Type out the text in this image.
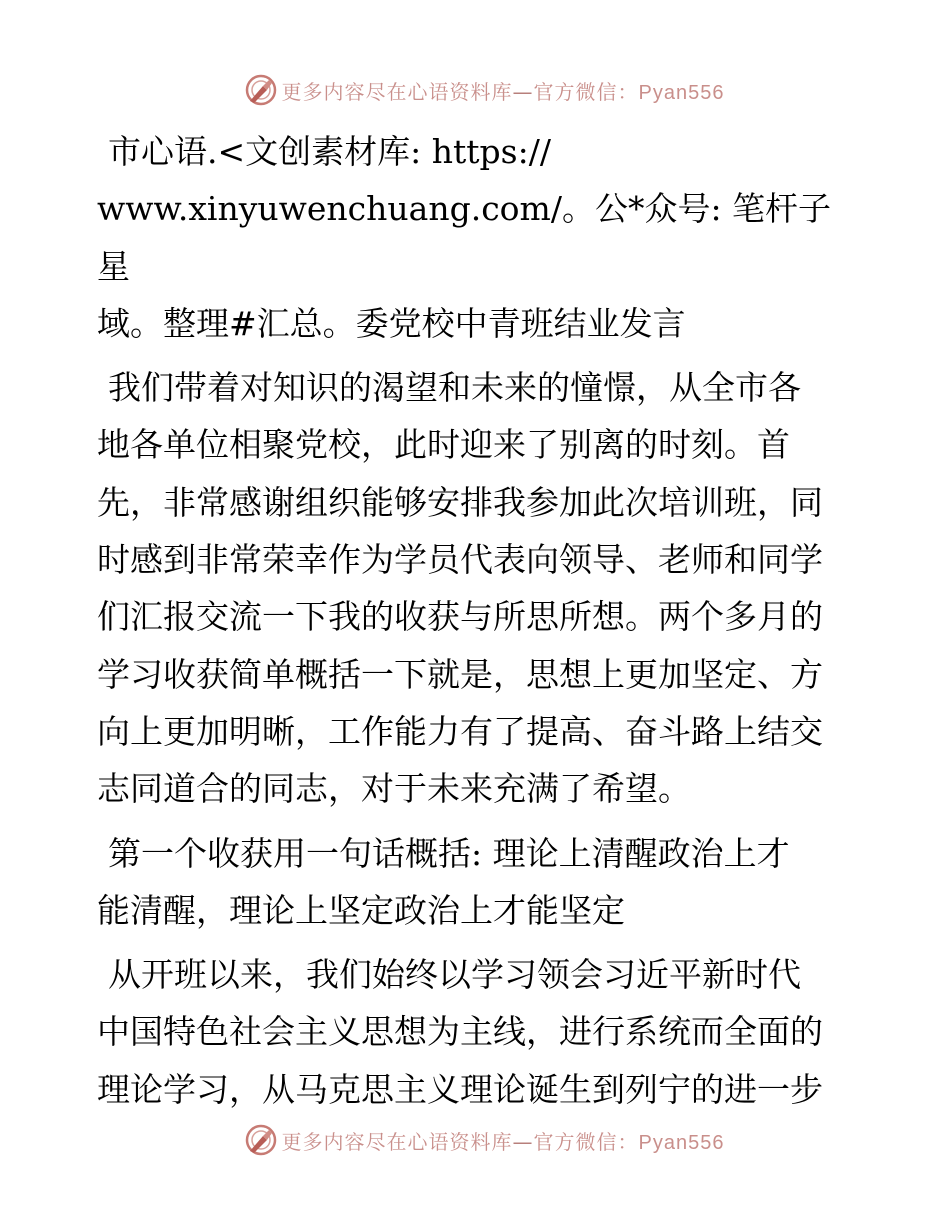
更多内容尽在心语资料库—官方微信：Pyan556

市心语.<文创素材库: https://
www.xinyuwenchuang.com/。公*众号: 笔杆子星
域。整理#汇总。委党校中青班结业发言

我们带着对知识的渴望和未来的憧憬，从全市各
地各单位相聚党校，此时迎来了别离的时刻。首
先，非常感谢组织能够安排我参加此次培训班，同
时感到非常荣幸作为学员代表向领导、老师和同学
们汇报交流一下我的收获与所思所想。两个多月的
学习收获简单概括一下就是，思想上更加坚定、方
向上更加明晰，工作能力有了提高、奋斗路上结交
志同道合的同志，对于未来充满了希望。

第一个收获用一句话概括: 理论上清醒政治上才
能清醒，理论上坚定政治上才能坚定

从开班以来，我们始终以学习领会习近平新时代
中国特色社会主义思想为主线，进行系统而全面的
理论学习，从马克思主义理论诞生到列宁的进一步

更多内容尽在心语资料库—官方微信：Pyan556
